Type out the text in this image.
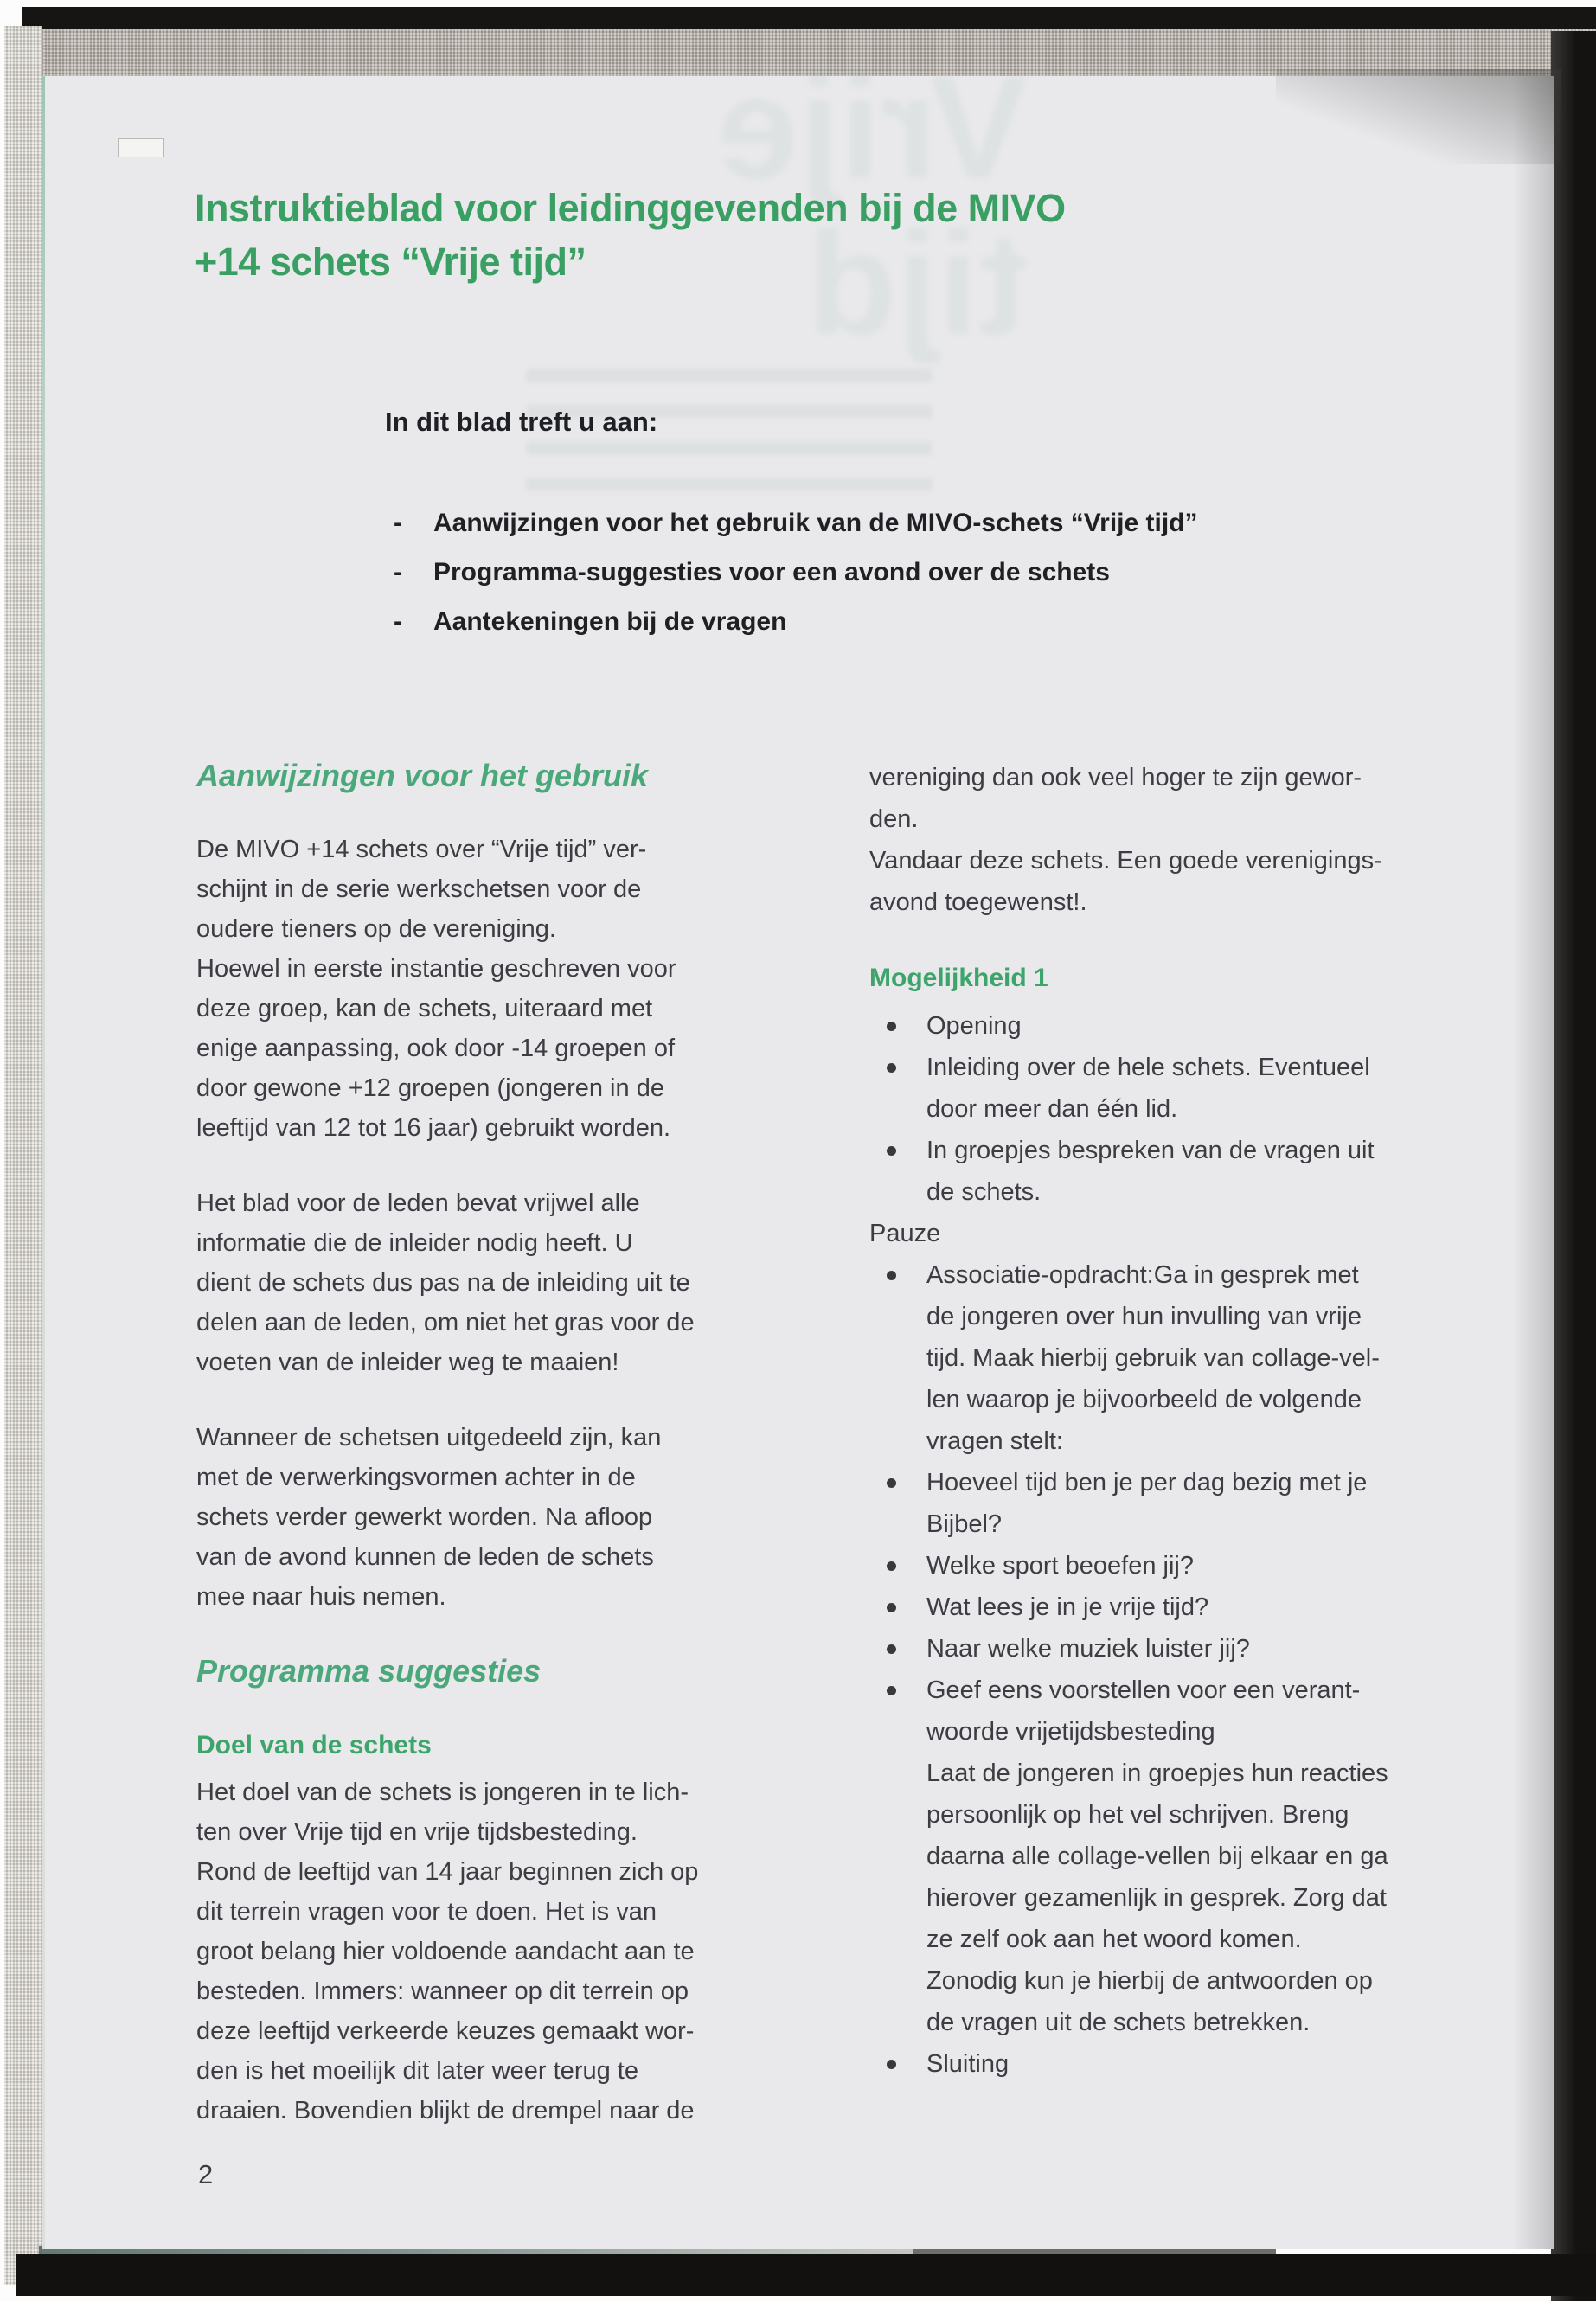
Vrije tijd
Instruktieblad voor leidinggevenden bij de MIVO
+14 schets “Vrije tijd”
In dit blad treft u aan:
- Aanwijzingen voor het gebruik van de MIVO-schets “Vrije tijd”
- Programma-suggesties voor een avond over de schets
- Aantekeningen bij de vragen
Aanwijzingen voor het gebruik
De MIVO +14 schets over “Vrije tijd” ver-
schijnt in de serie werkschetsen voor de
oudere tieners op de vereniging.
Hoewel in eerste instantie geschreven voor
deze groep, kan de schets, uiteraard met
enige aanpassing, ook door -14 groepen of
door gewone +12 groepen (jongeren in de
leeftijd van 12 tot 16 jaar) gebruikt worden.
Het blad voor de leden bevat vrijwel alle
informatie die de inleider nodig heeft. U
dient de schets dus pas na de inleiding uit te
delen aan de leden, om niet het gras voor de
voeten van de inleider weg te maaien!
Wanneer de schetsen uitgedeeld zijn, kan
met de verwerkingsvormen achter in de
schets verder gewerkt worden. Na afloop
van de avond kunnen de leden de schets
mee naar huis nemen.
Programma suggesties
Doel van de schets
Het doel van de schets is jongeren in te lich-
ten over Vrije tijd en vrije tijdsbesteding.
Rond de leeftijd van 14 jaar beginnen zich op
dit terrein vragen voor te doen. Het is van
groot belang hier voldoende aandacht aan te
besteden. Immers: wanneer op dit terrein op
deze leeftijd verkeerde keuzes gemaakt wor-
den is het moeilijk dit later weer terug te
draaien. Bovendien blijkt de drempel naar de
vereniging dan ook veel hoger te zijn gewor-
den.
Vandaar deze schets. Een goede verenigings-
avond toegewenst!.
Mogelijkheid 1
Opening
Inleiding over de hele schets. Eventueel
door meer dan één lid.
In groepjes bespreken van de vragen uit
de schets.
Pauze
Associatie-opdracht:Ga in gesprek met
de jongeren over hun invulling van vrije
tijd. Maak hierbij gebruik van collage-vel-
len waarop je bijvoorbeeld de volgende
vragen stelt:
Hoeveel tijd ben je per dag bezig met je
Bijbel?
Welke sport beoefen jij?
Wat lees je in je vrije tijd?
Naar welke muziek luister jij?
Geef eens voorstellen voor een verant-
woorde vrijetijdsbesteding
Laat de jongeren in groepjes hun reacties
persoonlijk op het vel schrijven. Breng
daarna alle collage-vellen bij elkaar en ga
hierover gezamenlijk in gesprek. Zorg dat
ze zelf ook aan het woord komen.
Zonodig kun je hierbij de antwoorden op
de vragen uit de schets betrekken.
Sluiting
2
